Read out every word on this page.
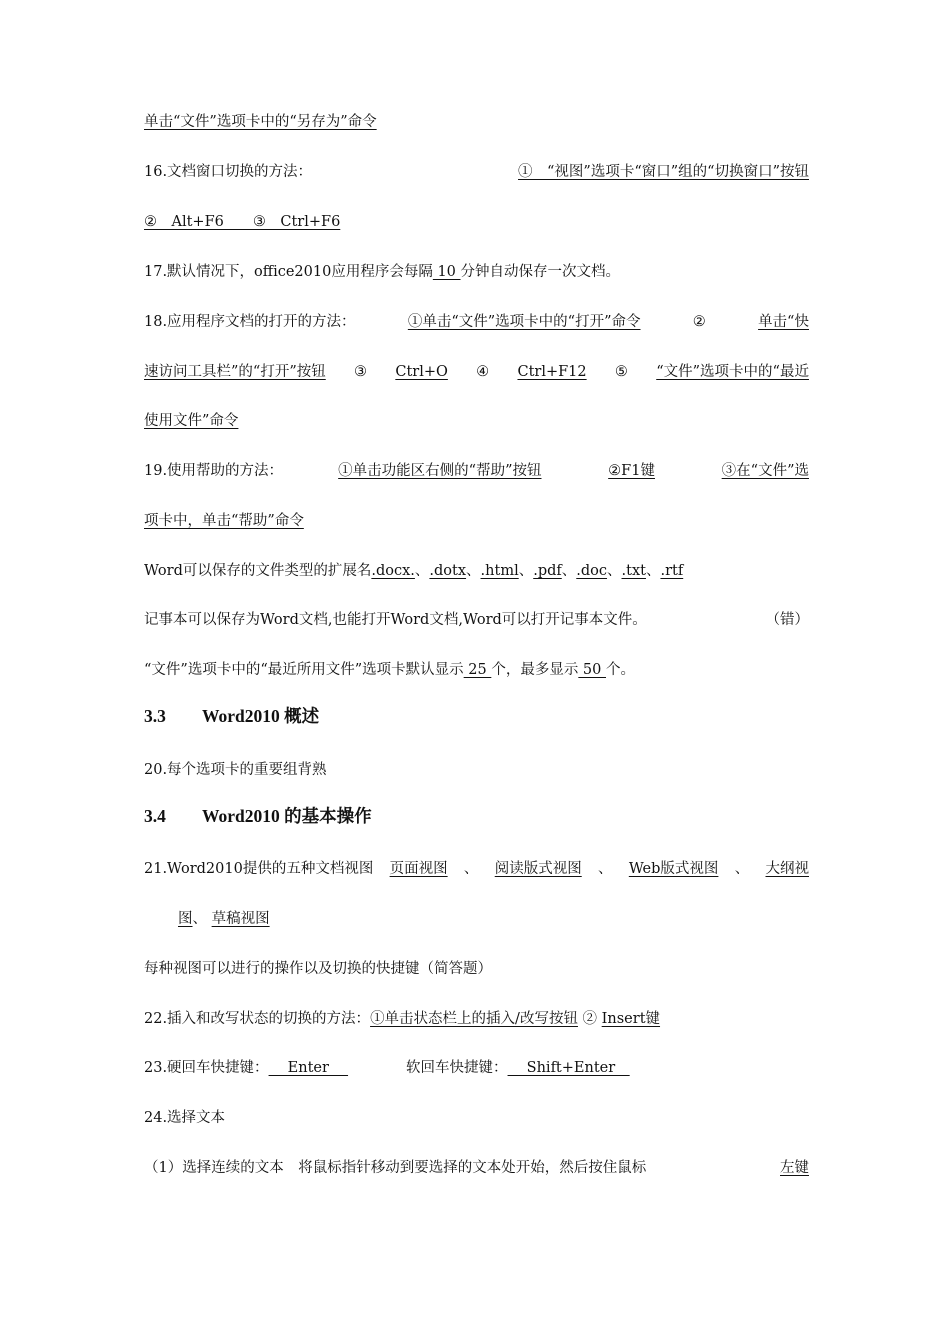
单击“文件”选项卡中的“另存为”命令
16.文档窗口切换的方法：	①　“视图”选项卡“窗口”组的“切换窗口”按钮
②　Alt+F6　　③　Ctrl+F6
17.默认情况下，office2010应用程序会每隔 10 分钟自动保存一次文档。
18.应用程序文档的打开的方法：	①单击“文件”选项卡中的“打开”命令	②	单击“快
速访问工具栏”的“打开”按钮 ③ Ctrl+O ④ Ctrl+F12 ⑤ “文件”选项卡中的“最近
使用文件”命令
19.使用帮助的方法：　　 ①单击功能区右侧的“帮助”按钮	②F1键	③在“文件”选
项卡中，单击“帮助”命令
Word可以保存的文件类型的扩展名.docx.、.dotx、.html、.pdf、.doc、.txt、.rtf
记事本可以保存为Word文档,也能打开Word文档,Word可以打开记事本文件。	（错）
“文件”选项卡中的“最近所用文件”选项卡默认显示 25 个，最多显示 50 个。
3.3 Word2010 概述
20.每个选项卡的重要组背熟
3.4 Word2010 的基本操作
21.Word2010提供的五种文档视图 页面视图 、 阅读版式视图 、 Web版式视图 、 大纲视
图、 草稿视图
每种视图可以进行的操作以及切换的快捷键（简答题）
22.插入和改写状态的切换的方法：①单击状态栏上的插入/改写按钮 ② Insert键
23.硬回车快捷键： 　Enter　 　　　　软回车快捷键： 　Shift+Enter　
24.选择文本
（1）选择连续的文本　将鼠标指针移动到要选择的文本处开始，然后按住鼠标	左键
